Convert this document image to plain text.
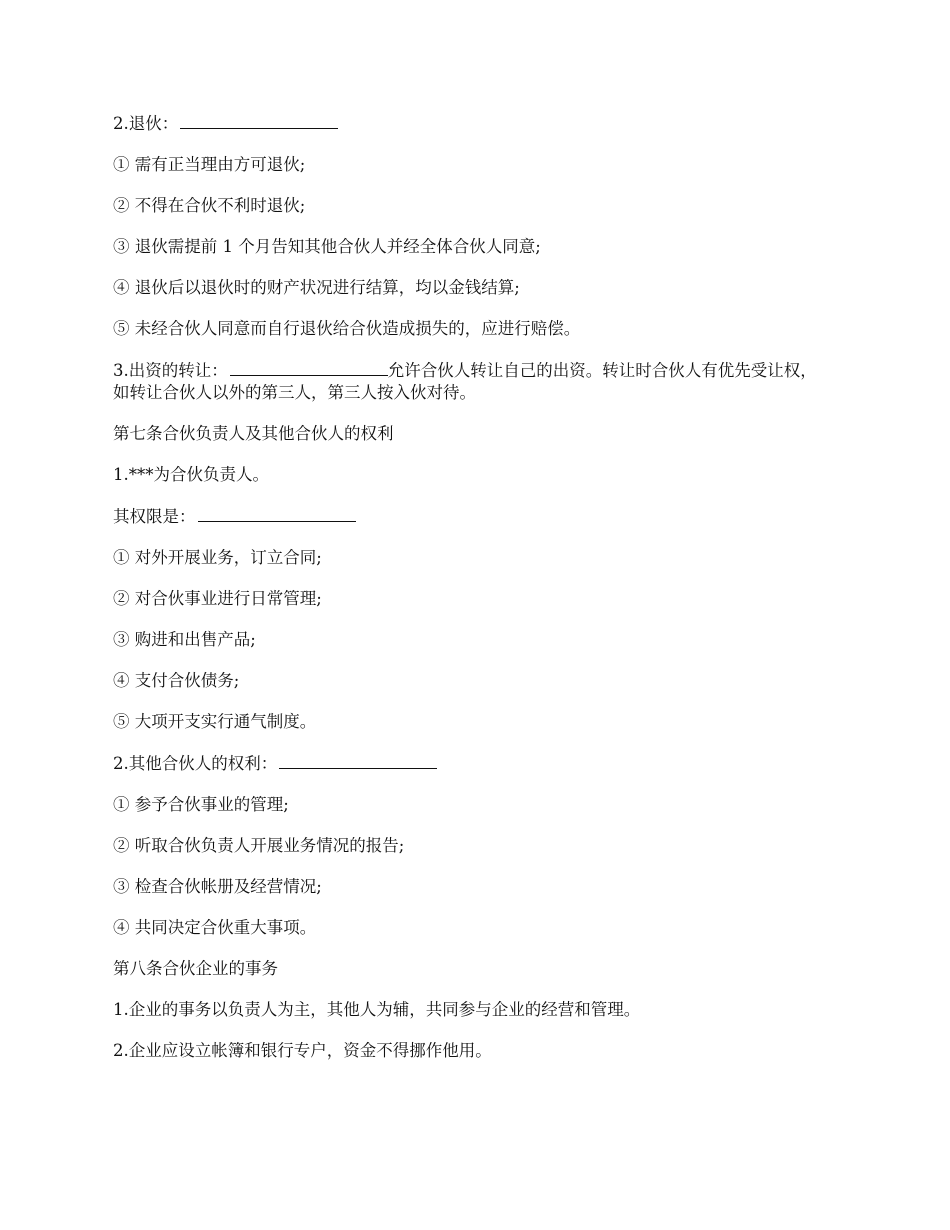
2.退伙：

① 需有正当理由方可退伙;

② 不得在合伙不利时退伙;

③ 退伙需提前 1 个月告知其他合伙人并经全体合伙人同意;

④ 退伙后以退伙时的财产状况进行结算，均以金钱结算;

⑤ 未经合伙人同意而自行退伙给合伙造成损失的，应进行赔偿。

3.出资的转让：	允许合伙人转让自己的出资。转让时合伙人有优先受让权，如转让合伙人以外的第三人，第三人按入伙对待。

第七条合伙负责人及其他合伙人的权利

1.***为合伙负责人。

其权限是：

① 对外开展业务，订立合同;

② 对合伙事业进行日常管理;

③ 购进和出售产品;

④ 支付合伙债务;

⑤ 大项开支实行通气制度。

2.其他合伙人的权利：

① 参予合伙事业的管理;

② 听取合伙负责人开展业务情况的报告;

③ 检查合伙帐册及经营情况;

④ 共同决定合伙重大事项。

第八条合伙企业的事务

1.企业的事务以负责人为主，其他人为辅，共同参与企业的经营和管理。

2.企业应设立帐簿和银行专户，资金不得挪作他用。
